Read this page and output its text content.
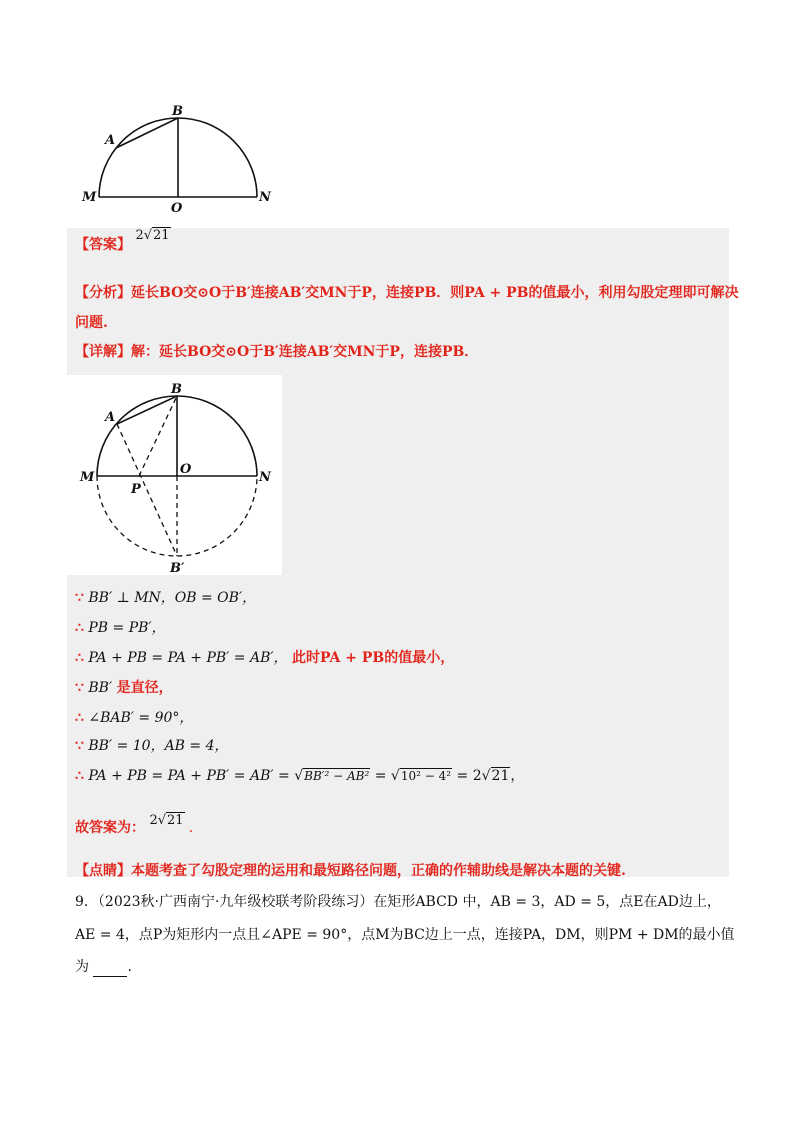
A
B
M
O
N
【答案】 2√21
【分析】延长BO交⊙O于B′连接AB′交MN于P，连接PB．则PA + PB的值最小，利用勾股定理即可解决
问题.
【详解】解：延长BO交⊙O于B′连接AB′交MN于P，连接PB．
A
B
M
O
N
P
B′
∵ BB′ ⊥ MN，OB = OB′，
∴ PB = PB′，
∴ PA + PB = PA + PB′ = AB′， 此时PA + PB的值最小，
∵ BB′ 是直径，
∴ ∠BAB′ = 90°，
∵ BB′ = 10，AB = 4，
∴ PA + PB = PA + PB′ = AB′ = √BB′² − AB² = √10² − 4² = 2√21，
故答案为： 2√21 .
【点睛】本题考查了勾股定理的运用和最短路径问题，正确的作辅助线是解决本题的关键.
9．（2023秋·广西南宁·九年级校联考阶段练习）在矩形ABCD 中，AB = 3，AD = 5，点E在AD边上，
AE = 4，点P为矩形内一点且∠APE = 90°，点M为BC边上一点，连接PA，DM，则PM + DM的最小值
为	.
